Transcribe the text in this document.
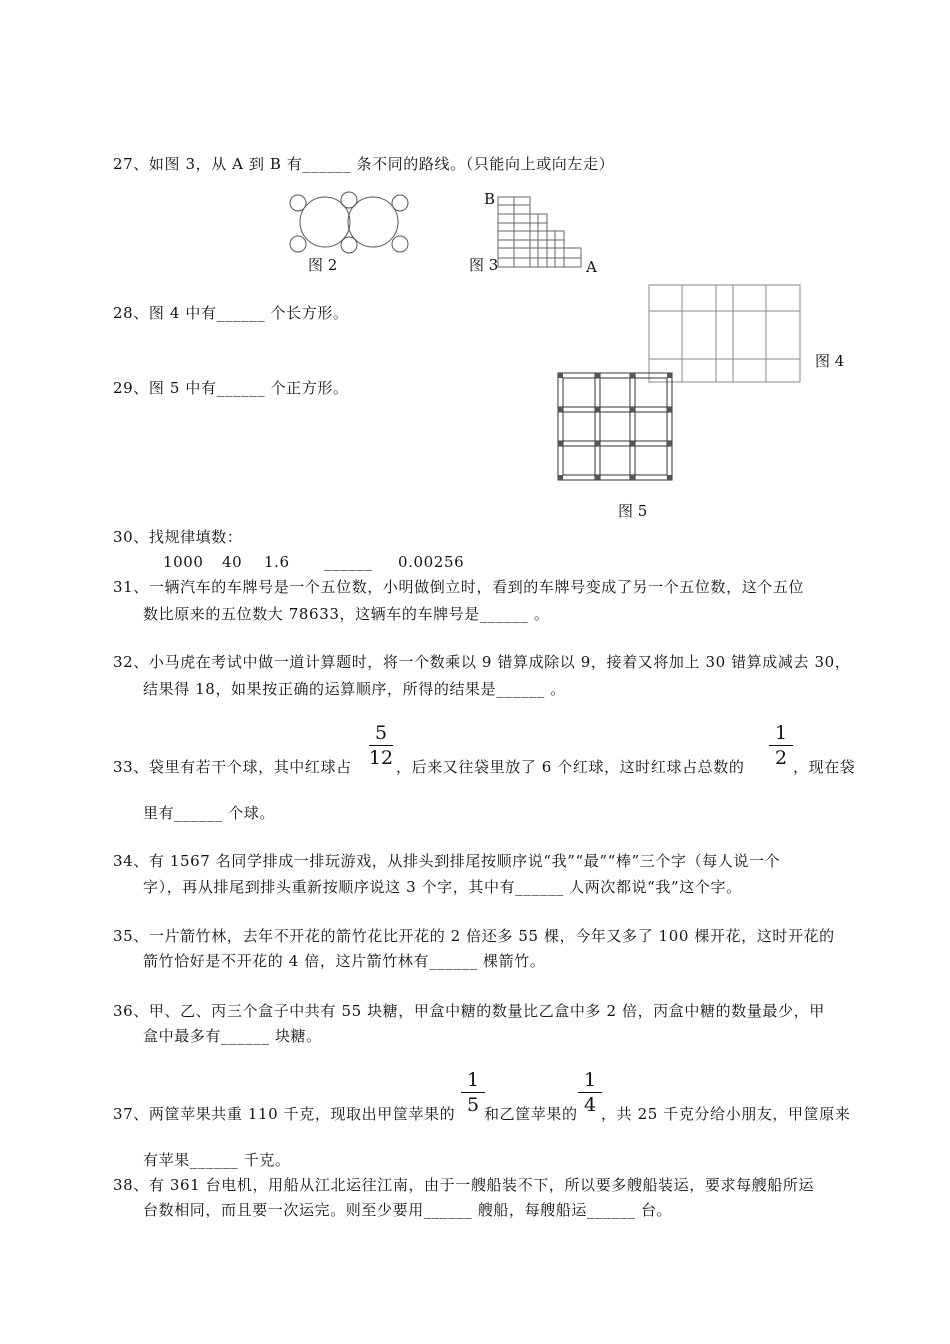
27、如图 3，从 A 到 B 有______ 条不同的路线。（只能向上或向左走）
图 2
B
A
图 3
28、图 4 中有______ 个长方形。
图 4
29、图 5 中有______ 个正方形。
图 5
30、找规律填数：
1000 40 1.6 ______ 0.00256
31、一辆汽车的车牌号是一个五位数，小明做倒立时，看到的车牌号变成了另一个五位数，这个五位
数比原来的五位数大 78633，这辆车的车牌号是______ 。
32、小马虎在考试中做一道计算题时，将一个数乘以 9 错算成除以 9，接着又将加上 30 错算成减去 30，
结果得 18，如果按正确的运算顺序，所得的结果是______ 。
33、袋里有若干个球，其中红球占
5
12 ，后来又往袋里放了 6 个红球，这时红球占总数的
1
2 ，现在袋
里有______ 个球。
34、有 1567 名同学排成一排玩游戏，从排头到排尾按顺序说“我”“最”“棒”三个字（每人说一个
字），再从排尾到排头重新按顺序说这 3 个字，其中有______ 人两次都说“我”这个字。
35、一片箭竹林，去年不开花的箭竹花比开花的 2 倍还多 55 棵，今年又多了 100 棵开花，这时开花的
箭竹恰好是不开花的 4 倍，这片箭竹林有______ 棵箭竹。
36、甲、乙、丙三个盒子中共有 55 块糖，甲盒中糖的数量比乙盒中多 2 倍，丙盒中糖的数量最少，甲
盒中最多有______ 块糖。
37、两筐苹果共重 110 千克，现取出甲筐苹果的
1
5 和乙筐苹果的
1
4 ，共 25 千克分给小朋友，甲筐原来
有苹果______ 千克。
38、有 361 台电机，用船从江北运往江南，由于一艘船装不下，所以要多艘船装运，要求每艘船所运
台数相同，而且要一次运完。则至少要用______ 艘船，每艘船运______ 台。
